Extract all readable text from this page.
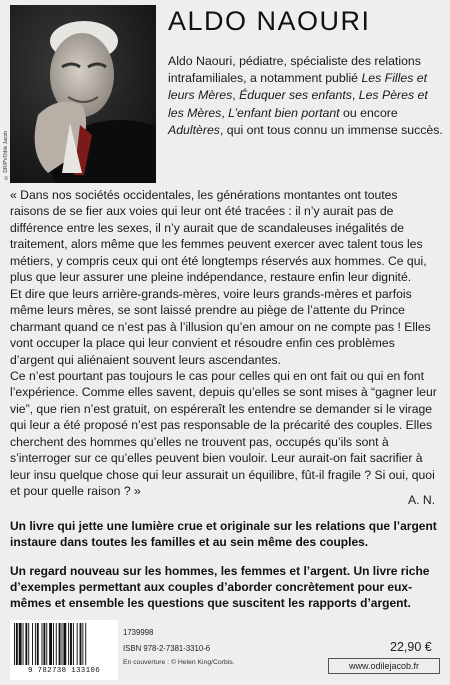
ALDO NAOURI
© DR/PVOdile Jacob
Aldo Naouri, pédiatre, spécialiste des relations intrafamiliales, a notamment publié Les Filles et leurs Mères, Éduquer ses enfants, Les Pères et les Mères, L’enfant bien portant ou encore Adultères, qui ont tous connu un immense succès.

« Dans nos sociétés occidentales, les générations montantes ont toutes raisons de se fier aux voies qui leur ont été tracées : il n’y aurait pas de différence entre les sexes, il n’y aurait que de scandaleuses inégalités de traitement, alors même que les femmes peuvent exercer avec talent tous les métiers, y compris ceux qui ont été longtemps réservés aux hommes. Ce qui, plus que leur assurer une pleine indépendance, restaure enfin leur dignité.

Et dire que leurs arrière-grands-mères, voire leurs grands-mères et parfois même leurs mères, se sont laissé prendre au piège de l’attente du Prince charmant quand ce n’est pas à l’illusion qu’en amour on ne compte pas ! Elles vont occuper la place qui leur convient et résoudre enfin ces problèmes d’argent qui aliénaient souvent leurs ascendantes.

Ce n’est pourtant pas toujours le cas pour celles qui en ont fait ou qui en font l’expérience. Comme elles savent, depuis qu’elles se sont mises à “gagner leur vie”, que rien n’est gratuit, on espéreraît les entendre se demander si le virage qui leur a été proposé n’est pas responsable de la précarité des couples. Elles cherchent des hommes qu’elles ne trouvent pas, occupés qu’ils sont à s’interroger sur ce qu’elles peuvent bien vouloir. Leur aurait-on fait sacrifier à leur insu quelque chose qui leur assurait un équilibre, fût-il fragile ? Si oui, quoi et pour quelle raison ? »

A. N.
Un livre qui jette une lumière crue et originale sur les relations que l’argent instaure dans toutes les familles et au sein même des couples.
Un regard nouveau sur les hommes, les femmes et l’argent. Un livre riche d’exemples permettant aux couples d’aborder concrètement pour eux-mêmes et ensemble les questions que suscitent les rapports d’argent.
9 782738 133106
1739998
ISBN 978-2-7381-3310-6
En couverture : © Helen King/Corbis.
22,90 €
www.odilejacob.fr
